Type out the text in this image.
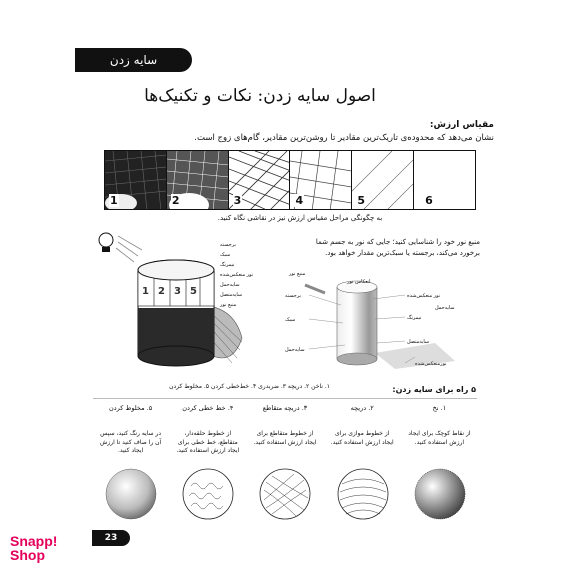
سایه زدن
اصول سایه زدن: نکات و تکنیک‌ها
مقیاس ارزش:
نشان می‌دهد که محدوده‌ی تاریک‌ترین مقادیر تا روشن‌ترین مقادیر، گام‌های زوج است.
1	2	3	4	5	6
به چگونگی مراحل مقیاس ارزش نیز در نقاشی نگاه کنید.
1 2 3 5
برجسته
سبک
نیمرنگ
نور منعکس‌شده
سایه‌حمل
سایه‌متصل
منبع نور
منبع نور خود را شناسایی کنید؛ جایی که نور به جسم شما برخورد می‌کند، برجسته یا سبک‌ترین مقدار خواهد بود.
منبع نور
انعکاس نور
نور منعکس‌شده
برجسته
سایه‌حمل
سبک	نیمرنگ
سایه‌متصل
سایه‌حمل
نورمنعکس‌شده
۵ راه برای سایه زدن:
۱. ناخن ۲. دریچه ۳. ضربدری ۴. خط‌خطی کردن ۵. مخلوط کردن
۱. نخ
از نقاط کوچک برای ایجاد ارزش استفاده کنید.
۲. دریچه
از خطوط موازی برای ایجاد ارزش استفاده کنید.
۳. دریچه متقاطع
از خطوط متقاطع برای ایجاد ارزش استفاده کنید.
۴. خط خطی کردن
از خطوط حلقه‌دار، متقاطع، خط خطی برای ایجاد ارزش استفاده کنید.
۵. مخلوط کردن
در سایه رنگ کنید، سپس آن را صاف کنید تا ارزش ایجاد کنید.
23
Snapp!
Shop
